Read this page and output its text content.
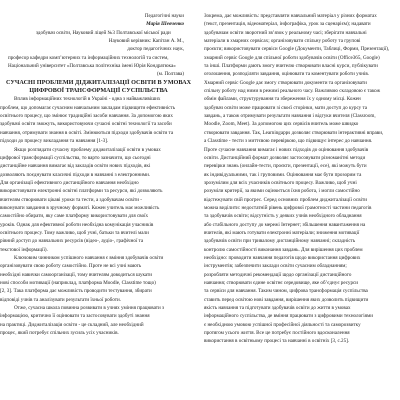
Педагогічні науки
Марія Шевченко
здобувач освіти, Науковий ліцей №3 Полтавської міської ради
Науковий керівник: Капітан А. М.,
доктор педагогічних наук,
професор кафедри комп’ютерних та інформаційних технологій та систем,
Національний університет «Полтавська політехніка імені Юрія Кондратюка»
(м. Полтава)
СУЧАСНІ ПРОБЛЕМИ ДІДЖИТАЛІЗАЦІЇ ОСВІТИ В УМОВАХ
ЦИФРОВОЇ ТРАНСФОРМАЦІЇ СУСПІЛЬСТВА
Вплив інформаційних технологій в Україні - одна з найважливіших
проблем, що допомагає сучасним навчальним закладам підвищити ефективність
освітнього процесу, що змінює традиційні засоби навчання. За допомогою яких
здобувачі освіти зможуть, використовуючи сучасні освітні технології та засоби
навчання, отримувати знання в освіті. Змінюються підходи здобувачів освіти та
підходи до процесу викладання та навчання [1-3].
Якщо розглядати сучасну проблему диджиталізації освіти в умовах
цифрової трансформації суспільства, то варто зазначити, що сьогодні
дистанційне навчання вимагає від закладів освіти нових підходів, які
дозволяють поєднувати класичні підходи в навчанні з електронними.
Для організації ефективного дистанційного навчання необхідно
використовувати електронні освітні платформи та ресурси, які дозволяють
вчителям створювати цікаві уроки та тести, а здобувачам освіти -
виконувати завдання в зручному форматі. Кожен учитель має можливість
самостійно обирати, яку саме платформу використовувати для своїх
уроків. Однак для ефективної роботи необхідна комунікація учасників
освітнього процесу. Тому важливо, щоб учні, батьки та вчителі мали
рівний доступ до навчальних ресурсів (відео-, аудіо-, графічної та
текстової інформації).
Ключовим чинником успішного навчання є вміння здобувачів освіти
організовувати свою роботу самостійно. Проте не всі учні мають
необхідні навички самоорганізації, тому вчителям доводиться шукати
нові способи мотивації (наприклад, платформа Moodle, Classtime тощо)
[2, 3]. Така платформа дає можливість проводити тестування, збирати
відповіді учнів та аналізувати результати їхньої роботи.
Отже, сучасна школа повинна розвивати в учнях уміння працювати з
інформацією, критично її оцінювати та застосовувати здобуті знання
на практиці. Диджиталізація освіти - це складний, але необхідний
процес, який потребує спільних зусиль усіх учасників.
Зокрема, дає можливість: представляти навчальний матеріал у різних форматах
(текст, презентація, відеоматеріал, інфографіка, урок за сценарієм); надавати
здобувачам освіти зворотний зв’язок у реальному часі; зберігати навчальні
матеріали в хмарних сервісах; організовувати спільну роботу та групові
проєкти; використовувати сервіси Google (Документи, Таблиці, Форми, Презентації),
хмарний сервіс Google для спільної роботи здобувачів освіти (Office365, Google)
та інші. Платформи дають змогу вчителю створювати власні курси, публікувати
оголошення, розподіляти завдання, оцінювати та коментувати роботи учнів.
Хмарний сервіс Google дає змогу створювати документи та організовувати
спільну роботу над ними в режимі реального часу. Важливою складовою є також
обмін файлами, структурування та збереження їх у одному місці. Кожен
здобувач освіти може працювати зі своєї сторінки, мати доступ до курсу та
завдань, а також отримувати результати навчання і відгуки вчителя (Classroom,
Moodle, Zoom, Meet). За допомогою цих сервісів вчитель може швидко
створювати завдання. Так, Learningapps дозволяє створювати інтерактивні вправи,
а Classtime - тести з миттєвою перевіркою, що підвищує інтерес до навчання.
Проте сучасне навчання вимагає і нових підходів до оцінювання здобувачів
освіти. Дистанційний формат дозволяє застосовувати різноманітні методи
перевірки знань (онлайн-тести, проєкти, презентації, есе), які можуть бути
як індивідуальними, так і груповими. Оцінювання має бути прозорим та
зрозумілим для всіх учасників освітнього процесу. Важливо, щоб учні
розуміли критерії, за якими оцінюється їхня робота, і могли самостійно
відстежувати свій прогрес. Серед основних проблем диджиталізації освіти
можна виділити: недостатній рівень цифрової грамотності частини педагогів
та здобувачів освіти; відсутність у деяких учнів необхідного обладнання
або стабільного доступу до мережі Інтернет; збільшення навантаження на
вчителів, які мають готувати електронні матеріали; зниження мотивації
здобувачів освіти при тривалому дистанційному навчанні; складність
контролю самостійності виконання завдань. Для вирішення цих проблем
необхідно: проводити навчання педагогів щодо використання цифрових
інструментів; забезпечити заклади освіти сучасним обладнанням;
розробляти методичні рекомендації щодо організації дистанційного
навчання; створювати єдине освітнє середовище, яке об’єднує ресурси
та сервіси для навчання. Таким чином, цифрова трансформація суспільства
ставить перед освітою нові завдання, вирішення яких дозволить підвищити
якість навчання та підготувати здобувачів освіти до життя в умовах
інформаційного суспільства, де вміння працювати з цифровими технологіями
є необхідною умовою успішної професійної діяльності та саморозвитку
протягом усього життя. Все це потребує постійного вдосконалення
використання в освітньому процесі та навчанні в освітніх [3, с.25].
